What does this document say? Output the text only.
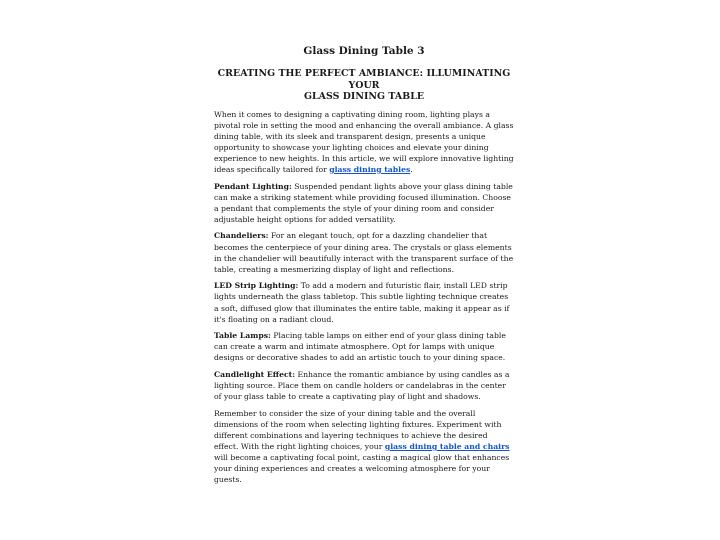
Glass Dining Table 3
CREATING THE PERFECT AMBIANCE: ILLUMINATING YOUR
GLASS DINING TABLE

When it comes to designing a captivating dining room, lighting plays a pivotal role in setting the mood and enhancing the overall ambiance. A glass dining table, with its sleek and transparent design, presents a unique opportunity to showcase your lighting choices and elevate your dining experience to new heights. In this article, we will explore innovative lighting ideas specifically tailored for glass dining tables.

Pendant Lighting: Suspended pendant lights above your glass dining table can make a striking statement while providing focused illumination. Choose a pendant that complements the style of your dining room and consider adjustable height options for added versatility.

Chandeliers: For an elegant touch, opt for a dazzling chandelier that becomes the centerpiece of your dining area. The crystals or glass elements in the chandelier will beautifully interact with the transparent surface of the table, creating a mesmerizing display of light and reflections.

LED Strip Lighting: To add a modern and futuristic flair, install LED strip lights underneath the glass tabletop. This subtle lighting technique creates a soft, diffused glow that illuminates the entire table, making it appear as if it's floating on a radiant cloud.

Table Lamps: Placing table lamps on either end of your glass dining table can create a warm and intimate atmosphere. Opt for lamps with unique designs or decorative shades to add an artistic touch to your dining space.

Candlelight Effect: Enhance the romantic ambiance by using candles as a lighting source. Place them on candle holders or candelabras in the center of your glass table to create a captivating play of light and shadows.

Remember to consider the size of your dining table and the overall dimensions of the room when selecting lighting fixtures. Experiment with different combinations and layering techniques to achieve the desired effect. With the right lighting choices, your glass dining table and chairs will become a captivating focal point, casting a magical glow that enhances your dining experiences and creates a welcoming atmosphere for your guests.
